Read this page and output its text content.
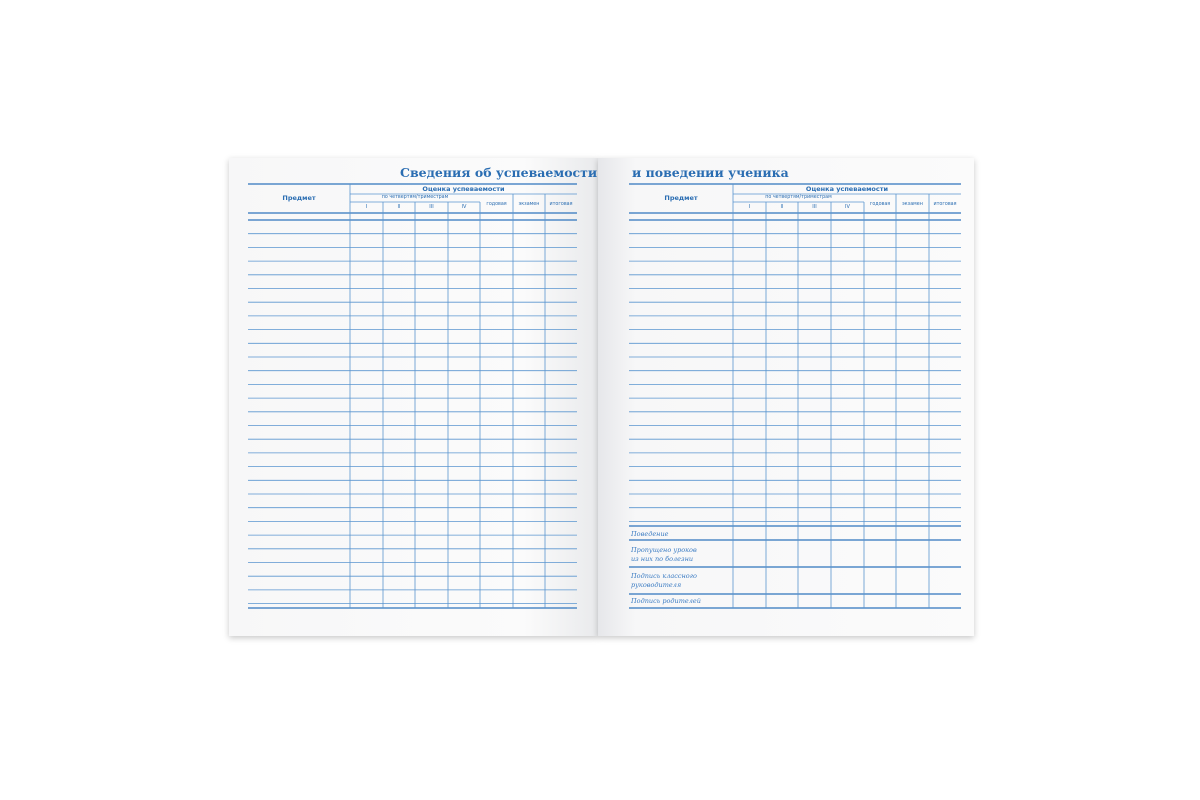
Сведения об успеваемости	и поведении ученика
Предмет
Оценка успеваемости
по четвертям/триместрам
I	II	III	IV	годовая	экзамен	итоговая
Предмет
Оценка успеваемости
по четвертям/триместрам
I	II	III	IV	годовая	экзамен	итоговая
Поведение
Пропущено уроков
из них по болезни
Подпись классного
руководителя
Подпись родителей
